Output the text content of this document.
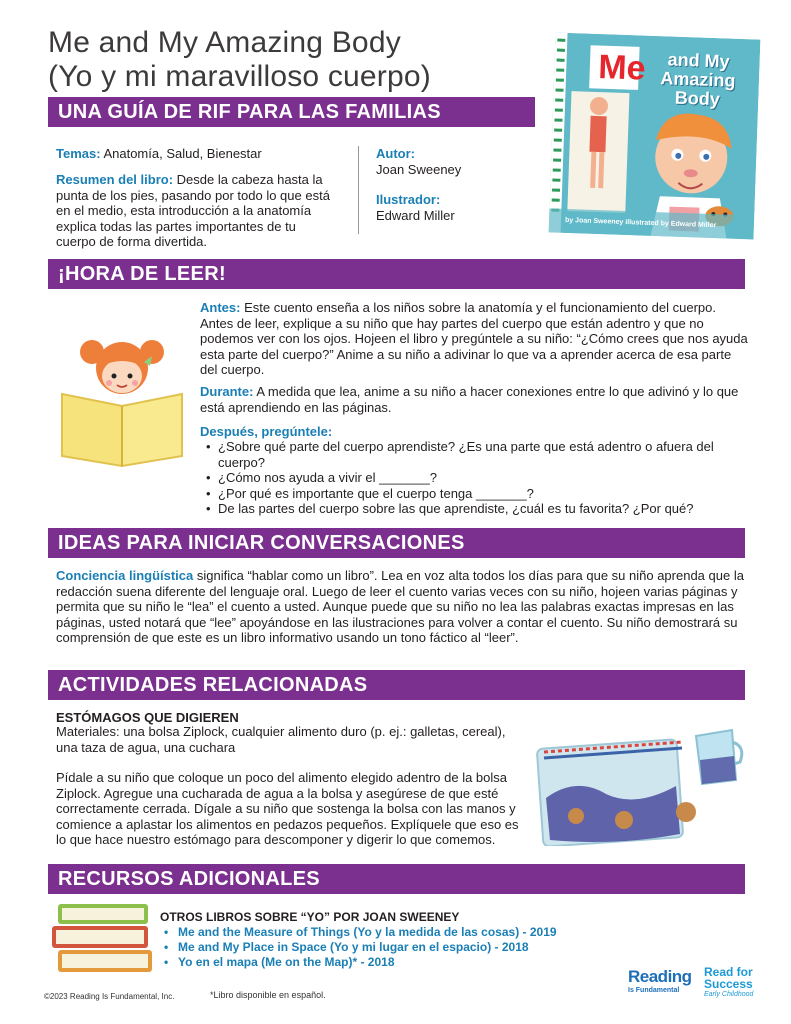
Me and My Amazing Body
(Yo y mi maravilloso cuerpo)
UNA GUÍA DE RIF PARA LAS FAMILIAS
Me	and My
Amazing
Body
by Joan Sweeney illustrated by Edward Miller
Temas: Anatomía, Salud, Bienestar
Resumen del libro: Desde la cabeza hasta la punta de los pies, pasando por todo lo que está en el medio, esta introducción a la anatomía explica todas las partes importantes de tu cuerpo de forma divertida.
Autor:
Joan Sweeney
Ilustrador:
Edward Miller
¡HORA DE LEER!
Antes: Este cuento enseña a los niños sobre la anatomía y el funcionamiento del cuerpo. Antes de leer, explique a su niño que hay partes del cuerpo que están adentro y que no podemos ver con los ojos. Hojeen el libro y pregúntele a su niño: “¿Cómo crees que nos ayuda esta parte del cuerpo?” Anime a su niño a adivinar lo que va a aprender acerca de esa parte del cuerpo.
Durante: A medida que lea, anime a su niño a hacer conexiones entre lo que adivinó y lo que está aprendiendo en las páginas.
Después, pregúntele:
• ¿Sobre qué parte del cuerpo aprendiste? ¿Es una parte que está adentro o afuera del cuerpo?
• ¿Cómo nos ayuda a vivir el _______?
• ¿Por qué es importante que el cuerpo tenga _______?
• De las partes del cuerpo sobre las que aprendiste, ¿cuál es tu favorita? ¿Por qué?
IDEAS PARA INICIAR CONVERSACIONES
Conciencia lingüística significa “hablar como un libro”. Lea en voz alta todos los días para que su niño aprenda que la redacción suena diferente del lenguaje oral. Luego de leer el cuento varias veces con su niño, hojeen varias páginas y permita que su niño le “lea” el cuento a usted. Aunque puede que su niño no lea las palabras exactas impresas en las páginas, usted notará que “lee” apoyándose en las ilustraciones para volver a contar el cuento. Su niño demostrará su comprensión de que este es un libro informativo usando un tono fáctico al “leer”.
ACTIVIDADES RELACIONADAS
ESTÓMAGOS QUE DIGIEREN
Materiales: una bolsa Ziplock, cualquier alimento duro (p. ej.: galletas, cereal), una taza de agua, una cuchara
Pídale a su niño que coloque un poco del alimento elegido adentro de la bolsa Ziplock. Agregue una cucharada de agua a la bolsa y asegúrese de que esté correctamente cerrada. Dígale a su niño que sostenga la bolsa con las manos y comience a aplastar los alimentos en pedazos pequeños. Explíquele que eso es lo que hace nuestro estómago para descomponer y digerir lo que comemos.
RECURSOS ADICIONALES
OTROS LIBROS SOBRE “YO” POR JOAN SWEENEY
• Me and the Measure of Things (Yo y la medida de las cosas) - 2019
• Me and My Place in Space (Yo y mi lugar en el espacio) - 2018
• Yo en el mapa (Me on the Map)* - 2018
©2023 Reading Is Fundamental, Inc.	*Libro disponible en español.
Reading
Is Fundamental
Read for
Success
Early Childhood
